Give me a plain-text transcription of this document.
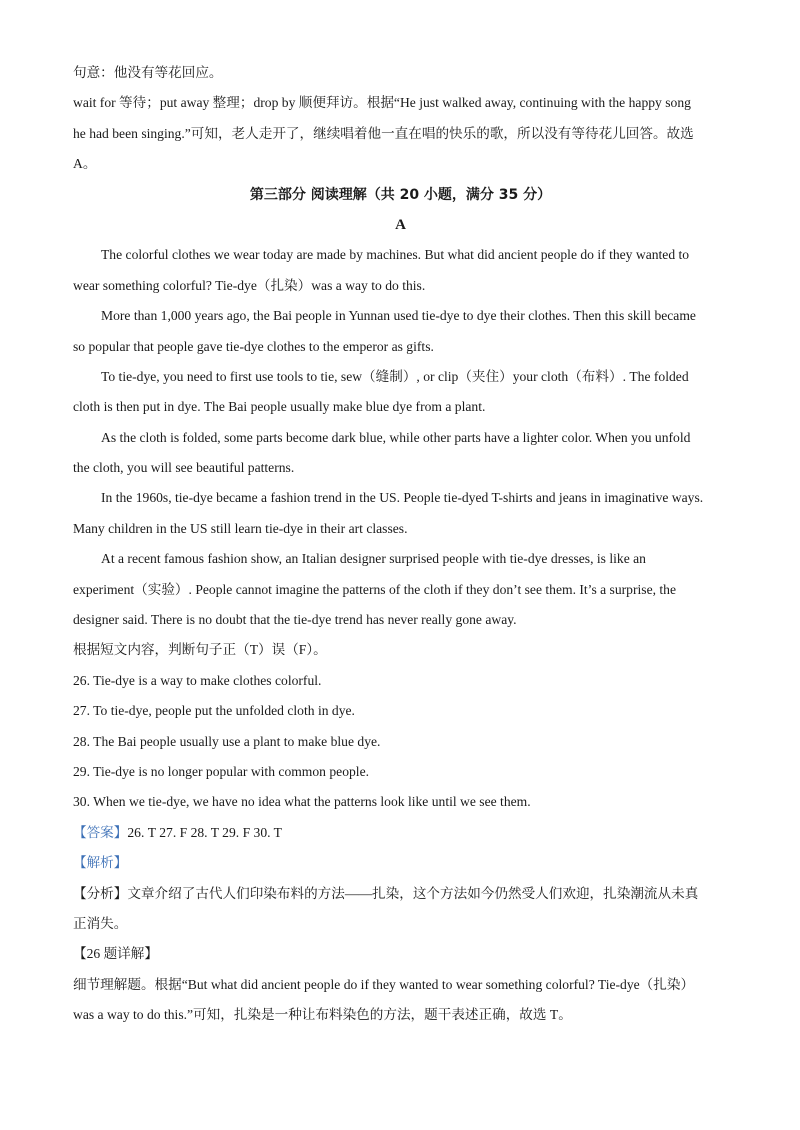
句意：他没有等花回应。
wait for 等待；put away 整理；drop by 顺便拜访。根据“He just walked away, continuing with the happy song
he had been singing.”可知，老人走开了，继续唱着他一直在唱的快乐的歌，所以没有等待花儿回答。故选
A。
第三部分 阅读理解（共 20 小题，满分 35 分）
A
The colorful clothes we wear today are made by machines. But what did ancient people do if they wanted to
wear something colorful? Tie-dye（扎染）was a way to do this.
More than 1,000 years ago, the Bai people in Yunnan used tie-dye to dye their clothes. Then this skill became
so popular that people gave tie-dye clothes to the emperor as gifts.
To tie-dye, you need to first use tools to tie, sew（缝制）, or clip（夹住）your cloth（布料）. The folded
cloth is then put in dye. The Bai people usually make blue dye from a plant.
As the cloth is folded, some parts become dark blue, while other parts have a lighter color. When you unfold
the cloth, you will see beautiful patterns.
In the 1960s, tie-dye became a fashion trend in the US. People tie-dyed T-shirts and jeans in imaginative ways.
Many children in the US still learn tie-dye in their art classes.
At a recent famous fashion show, an Italian designer surprised people with tie-dye dresses, is like an
experiment（实验）. People cannot imagine the patterns of the cloth if they don’t see them. It’s a surprise, the
designer said. There is no doubt that the tie-dye trend has never really gone away.
根据短文内容，判断句子正（T）误（F）。
26. Tie-dye is a way to make clothes colorful.
27. To tie-dye, people put the unfolded cloth in dye.
28. The Bai people usually use a plant to make blue dye.
29. Tie-dye is no longer popular with common people.
30. When we tie-dye, we have no idea what the patterns look like until we see them.
【答案】26. T 27. F 28. T 29. F 30. T
【解析】
【分析】文章介绍了古代人们印染布料的方法——扎染，这个方法如今仍然受人们欢迎，扎染潮流从未真
正消失。
【26 题详解】
细节理解题。根据“But what did ancient people do if they wanted to wear something colorful? Tie-dye（扎染）
was a way to do this.”可知，扎染是一种让布料染色的方法，题干表述正确，故选 T。
